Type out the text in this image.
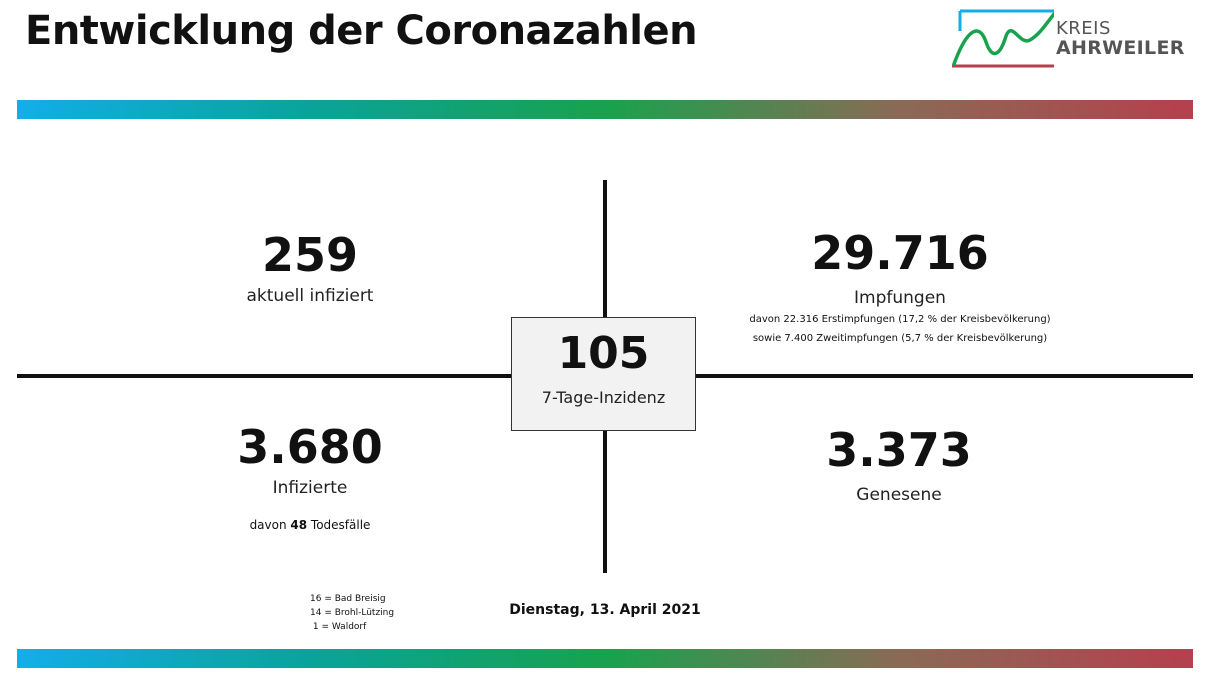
Entwicklung der Coronazahlen	KREIS
AHRWEILER
259
aktuell infiziert
29.716
Impfungen
davon 22.316 Erstimpfungen (17,2 % der Kreisbevölkerung)
sowie 7.400 Zweitimpfungen (5,7 % der Kreisbevölkerung)
3.680
Infizierte
davon 48 Todesfälle
3.373
Genesene
105
7-Tage-Inzidenz
16 = Bad Breisig
14 = Brohl-Lützing
1 = Waldorf
Dienstag, 13. April 2021
